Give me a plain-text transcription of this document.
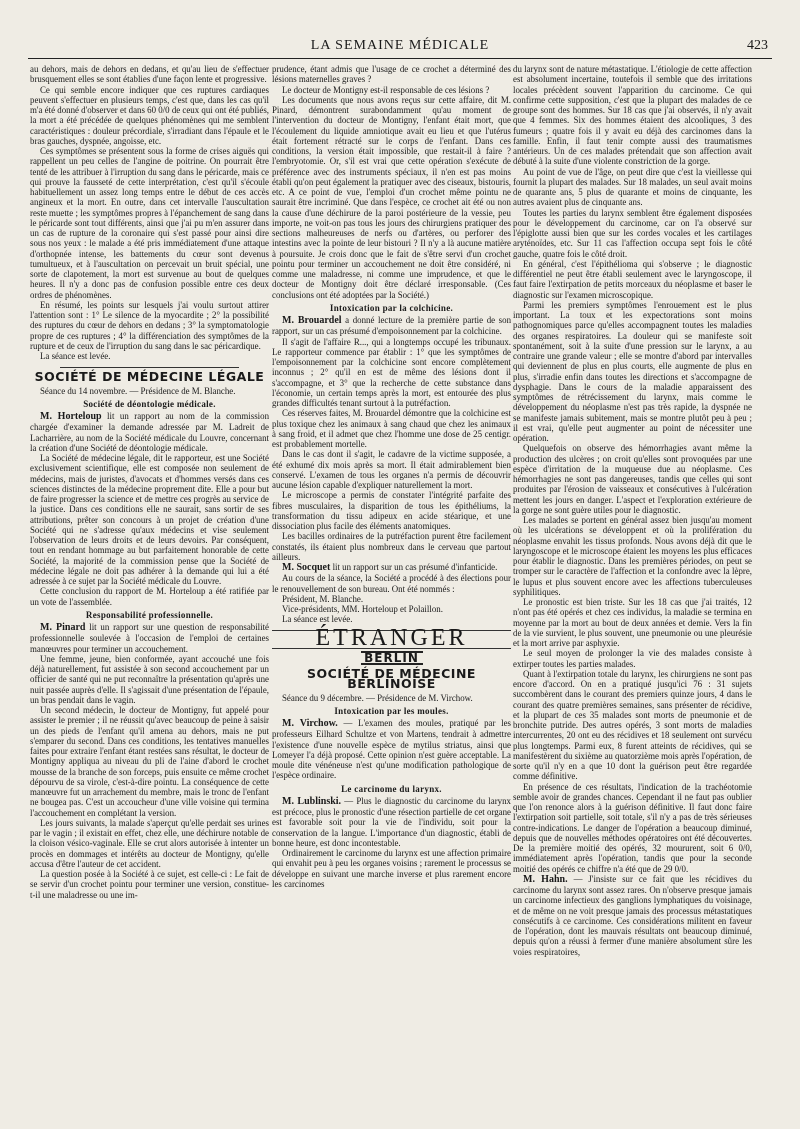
LA SEMAINE MÉDICALE	423

au dehors, mais de dehors en dedans, et qu'au lieu de s'effectuer brusquement elles se sont établies d'une façon lente et progressive.

Ce qui semble encore indiquer que ces ruptures cardiaques peuvent s'effectuer en plusieurs temps, c'est que, dans les cas qu'il m'a été donné d'observer et dans 60 0/0 de ceux qui ont été publiés, la mort a été précédée de quelques phénomènes qui me semblent caractéristiques : douleur précordiale, s'irradiant dans l'épaule et le bras gauches, dyspnée, angoisse, etc.

Ces symptômes se présentent sous la forme de crises aiguës qui rappellent un peu celles de l'angine de poitrine. On pourrait être tenté de les attribuer à l'irruption du sang dans le péricarde, mais ce qui prouve la fausseté de cette interprétation, c'est qu'il s'écoule habituellement un assez long temps entre le début de ces accès angineux et la mort. En outre, dans cet intervalle l'auscultation reste muette ; les symptômes propres à l'épanchement de sang dans le péricarde sont tout différents, ainsi que j'ai pu m'en assurer dans un cas de rupture de la coronaire qui s'est passé pour ainsi dire sous nos yeux : le malade a été pris immédiatement d'une attaque d'orthopnée intense, les battements du cœur sont devenus tumultueux, et à l'auscultation on percevait un bruit spécial, une sorte de clapotement, la mort est survenue au bout de quelques heures. Il n'y a donc pas de confusion possible entre ces deux ordres de phénomènes.

En résumé, les points sur lesquels j'ai voulu surtout attirer l'attention sont : 1° Le silence de la myocardite ; 2° la possibilité des ruptures du cœur de dehors en dedans ; 3° la symptomatologie propre de ces ruptures ; 4° la différenciation des symptômes de la rupture et de ceux de l'irruption du sang dans le sac péricardique.

La séance est levée.

SOCIÉTÉ DE MÉDECINE LÉGALE

Séance du 14 novembre. — Présidence de M. Blanche.

Société de déontologie médicale.

M. Horteloup lit un rapport au nom de la commission chargée d'examiner la demande adressée par M. Ladreit de Lacharrière, au nom de la Société médicale du Louvre, concernant la création d'une Société de déontologie médicale.

La Société de médecine légale, dit le rapporteur, est une Société exclusivement scientifique, elle est composée non seulement de médecins, mais de juristes, d'avocats et d'hommes versés dans ces sciences distinctes de la médecine proprement dite. Elle a pour but de faire progresser la science et de mettre ces progrès au service de la justice. Dans ces conditions elle ne saurait, sans sortir de ses attributions, prêter son concours à un projet de création d'une Société qui ne s'adresse qu'aux médecins et vise seulement l'observation de leurs droits et de leurs devoirs. Par conséquent, tout en rendant hommage au but parfaitement honorable de cette Société, la majorité de la commission pense que la Société de médecine légale ne doit pas adhérer à la demande qui lui a été adressée à ce sujet par la Société médicale du Louvre.

Cette conclusion du rapport de M. Horteloup a été ratifiée par un vote de l'assemblée.

Responsabilité professionnelle.

M. Pinard lit un rapport sur une question de responsabilité professionnelle soulevée à l'occasion de l'emploi de certaines manœuvres pour terminer un accouchement.

Une femme, jeune, bien conformée, ayant accouché une fois déjà naturellement, fut assistée à son second accouchement par un officier de santé qui ne put reconnaître la présentation qu'après une nuit passée auprès d'elle. Il s'agissait d'une présentation de l'épaule, un bras pendait dans le vagin.

Un second médecin, le docteur de Montigny, fut appelé pour assister le premier ; il ne réussit qu'avec beaucoup de peine à saisir un des pieds de l'enfant qu'il amena au dehors, mais ne put s'emparer du second. Dans ces conditions, les tentatives manuelles faites pour extraire l'enfant étant restées sans résultat, le docteur de Montigny appliqua au niveau du pli de l'aine d'abord le crochet mousse de la branche de son forceps, puis ensuite ce même crochet dépourvu de sa virole, c'est-à-dire pointu. La conséquence de cette manœuvre fut un arrachement du membre, mais le tronc de l'enfant ne bougea pas. C'est un accoucheur d'une ville voisine qui termina l'accouchement en complétant la version.

Les jours suivants, la malade s'aperçut qu'elle perdait ses urines par le vagin ; il existait en effet, chez elle, une déchirure notable de la cloison vésico-vaginale. Elle se crut alors autorisée à intenter un procès en dommages et intérêts au docteur de Montigny, qu'elle accusa d'être l'auteur de cet accident.

La question posée à la Société à ce sujet, est celle-ci : Le fait de se servir d'un crochet pointu pour terminer une version, constitue-t-il une maladresse ou une im-

prudence, étant admis que l'usage de ce crochet a déterminé des lésions maternelles graves ?

Le docteur de Montigny est-il responsable de ces lésions ?

Les documents que nous avons reçus sur cette affaire, dit M. Pinard, démontrent surabondamment qu'au moment de l'intervention du docteur de Montigny, l'enfant était mort, que l'écoulement du liquide amniotique avait eu lieu et que l'utérus était fortement rétracté sur le corps de l'enfant. Dans ces conditions, la version était impossible, que restait-il à faire ? l'embryotomie. Or, s'il est vrai que cette opération s'exécute de préférence avec des instruments spéciaux, il n'en est pas moins établi qu'on peut également la pratiquer avec des ciseaux, bistouris, etc. A ce point de vue, l'emploi d'un crochet même pointu ne saurait être incriminé. Que dans l'espèce, ce crochet ait été ou non la cause d'une déchirure de la paroi postérieure de la vessie, peu importe, ne voit-on pas tous les jours des chirurgiens pratiquer des sections malheureuses de nerfs ou d'artères, ou perforer des intestins avec la pointe de leur bistouri ? Il n'y a là aucune matière à poursuite. Je crois donc que le fait de s'être servi d'un crochet pointu pour terminer un accouchement ne doit être considéré, ni comme une maladresse, ni comme une imprudence, et que le docteur de Montigny doit être déclaré irresponsable. (Ces conclusions ont été adoptées par la Société.)

Intoxication par la colchicine.

M. Brouardel a donné lecture de la première partie de son rapport, sur un cas présumé d'empoisonnement par la colchicine.

Il s'agit de l'affaire R..., qui a longtemps occupé les tribunaux. Le rapporteur commence par établir : 1° que les symptômes de l'empoisonnement par la colchicine sont encore complètement inconnus ; 2° qu'il en est de même des lésions dont il s'accompagne, et 3° que la recherche de cette substance dans l'économie, un certain temps après la mort, est entourée des plus grandes difficultés tenant surtout à la putréfaction.

Ces réserves faites, M. Brouardel démontre que la colchicine est plus toxique chez les animaux à sang chaud que chez les animaux à sang froid, et il admet que chez l'homme une dose de 25 centigr. est probablement mortelle.

Dans le cas dont il s'agit, le cadavre de la victime supposée, a été exhumé dix mois après sa mort. Il était admirablement bien conservé. L'examen de tous les organes n'a permis de découvrir aucune lésion capable d'expliquer naturellement la mort.

Le microscope a permis de constater l'intégrité parfaite des fibres musculaires, la disparition de tous les épithéliums, la transformation du tissu adipeux en acide stéarique, et une dissociation plus facile des éléments anatomiques.

Les bacilles ordinaires de la putréfaction purent être facilement constatés, ils étaient plus nombreux dans le cerveau que partout ailleurs.

M. Socquet lit un rapport sur un cas présumé d'infanticide.

Au cours de la séance, la Société a procédé à des élections pour le renouvellement de son bureau. Ont été nommés :

Président, M. Blanche.

Vice-présidents, MM. Horteloup et Polaillon.

La séance est levée.

ÉTRANGER
BERLIN
SOCIÉTÉ DE MÉDECINE BERLINOISE

Séance du 9 décembre. — Présidence de M. Virchow.

Intoxication par les moules.

M. Virchow. — L'examen des moules, pratiqué par les professeurs Eilhard Schultze et von Martens, tendrait à admettre l'existence d'une nouvelle espèce de mytilus striatus, ainsi que Lomeyer l'a déjà proposé. Cette opinion n'est guère acceptable. La moule dite vénéneuse n'est qu'une modification pathologique de l'espèce ordinaire.

Le carcinome du larynx.

M. Lublinski. — Plus le diagnostic du carcinome du larynx est précoce, plus le pronostic d'une résection partielle de cet organe est favorable soit pour la vie de l'individu, soit pour la conservation de la langue. L'importance d'un diagnostic, établi de bonne heure, est donc incontestable.

Ordinairement le carcinome du larynx est une affection primaire qui envahit peu à peu les organes voisins ; rarement le processus se développe en suivant une marche inverse et plus rarement encore les carcinomes

du larynx sont de nature métastatique. L'étiologie de cette affection est absolument incertaine, toutefois il semble que des irritations locales précèdent souvent l'apparition du carcinome. Ce qui confirme cette supposition, c'est que la plupart des malades de ce groupe sont des hommes. Sur 18 cas que j'ai observés, il n'y avait que 4 femmes. Six des hommes étaient des alcooliques, 3 des fumeurs ; quatre fois il y avait eu déjà des carcinomes dans la famille. Enfin, il faut tenir compte aussi des traumatismes antérieurs. Un de ces malades prétendait que son affection avait débuté à la suite d'une violente constriction de la gorge.

Au point de vue de l'âge, on peut dire que c'est la vieillesse qui fournit la plupart des malades. Sur 18 malades, un seul avait moins de quarante ans, 5 plus de quarante et moins de cinquante, les autres avaient plus de cinquante ans.

Toutes les parties du larynx semblent être également disposées pour le développement du carcinome, car on l'a observé sur l'épiglotte aussi bien que sur les cordes vocales et les cartilages aryténoïdes, etc. Sur 11 cas l'affection occupa sept fois le côté gauche, quatre fois le côté droit.

En général, c'est l'épithélioma qui s'observe ; le diagnostic différentiel ne peut être établi seulement avec le laryngoscope, il faut faire l'extirpation de petits morceaux du néoplasme et baser le diagnostic sur l'examen microscopique.

Parmi les premiers symptômes l'enrouement est le plus important. La toux et les expectorations sont moins pathognomiques parce qu'elles accompagnent toutes les maladies des organes respiratoires. La douleur qui se manifeste soit spontanément, soit à la suite d'une pression sur le larynx, a au contraire une grande valeur ; elle se montre d'abord par intervalles qui deviennent de plus en plus courts, elle augmente de plus en plus, s'irradie enfin dans toutes les directions et s'accompagne de dysphagie. Dans le cours de la maladie apparaissent des symptômes de rétrécissement du larynx, mais comme le développement du néoplasme n'est pas très rapide, la dyspnée ne se manifeste jamais subitement, mais se montre plutôt peu à peu ; il est vrai, qu'elle peut augmenter au point de nécessiter une opération.

Quelquefois on observe des hémorrhagies avant même la production des ulcères ; on croit qu'elles sont provoquées par une espèce d'irritation de la muqueuse due au néoplasme. Ces hémorrhagies ne sont pas dangereuses, tandis que celles qui sont produites par l'érosion de vaisseaux et consécutives à l'ulcération mettent les jours en danger. L'aspect et l'exploration extérieure de la gorge ne sont guère utiles pour le diagnostic.

Les malades se portent en général assez bien jusqu'au moment où les ulcérations se développent et où la prolifération du néoplasme envahit les tissus profonds. Nous avons déjà dit que le laryngoscope et le microscope étaient les moyens les plus efficaces pour établir le diagnostic. Dans les premières périodes, on peut se tromper sur le caractère de l'affection et la confondre avec la lèpre, le lupus et plus souvent encore avec les affections tuberculeuses syphilitiques.

Le pronostic est bien triste. Sur les 18 cas que j'ai traités, 12 n'ont pas été opérés et chez ces individus, la maladie se termina en moyenne par la mort au bout de deux années et demie. Vers la fin de la vie survient, le plus souvent, une pneumonie ou une pleurésie et la mort arrive par asphyxie.

Le seul moyen de prolonger la vie des malades consiste à extirper toutes les parties malades.

Quant à l'extirpation totale du larynx, les chirurgiens ne sont pas encore d'accord. On en a pratiqué jusqu'ici 76 : 31 sujets succombèrent dans le courant des premiers quinze jours, 4 dans le courant des quatre premières semaines, sans présenter de récidive, et la plupart de ces 35 malades sont morts de pneumonie et de bronchite putride. Des autres opérés, 3 sont morts de maladies intercurrentes, 20 ont eu des récidives et 18 seulement ont survécu plus longtemps. Parmi eux, 8 furent atteints de récidives, qui se manifestèrent du sixième au quatorzième mois après l'opération, de sorte qu'il n'y en a que 10 dont la guérison peut être regardée comme définitive.

En présence de ces résultats, l'indication de la trachéotomie semble avoir de grandes chances. Cependant il ne faut pas oublier que l'on renonce alors à la guérison définitive. Il faut donc faire l'extirpation soit partielle, soit totale, s'il n'y a pas de très sérieuses contre-indications. Le danger de l'opération a beaucoup diminué, depuis que de nouvelles méthodes opératoires ont été découvertes. De la première moitié des opérés, 32 moururent, soit 6 0/0, immédiatement après l'opération, tandis que pour la seconde moitié des opérés ce chiffre n'a été que de 29 0/0.

M. Hahn. — J'insiste sur ce fait que les récidives du carcinome du larynx sont assez rares. On n'observe presque jamais un carcinome infectieux des ganglions lymphatiques du voisinage, et de même on ne voit presque jamais des processus métastatiques consécutifs à ce carcinome. Ces considérations militent en faveur de l'opération, dont les mauvais résultats ont beaucoup diminué, depuis qu'on a réussi à fermer d'une manière absolument sûre les voies respiratoires,
